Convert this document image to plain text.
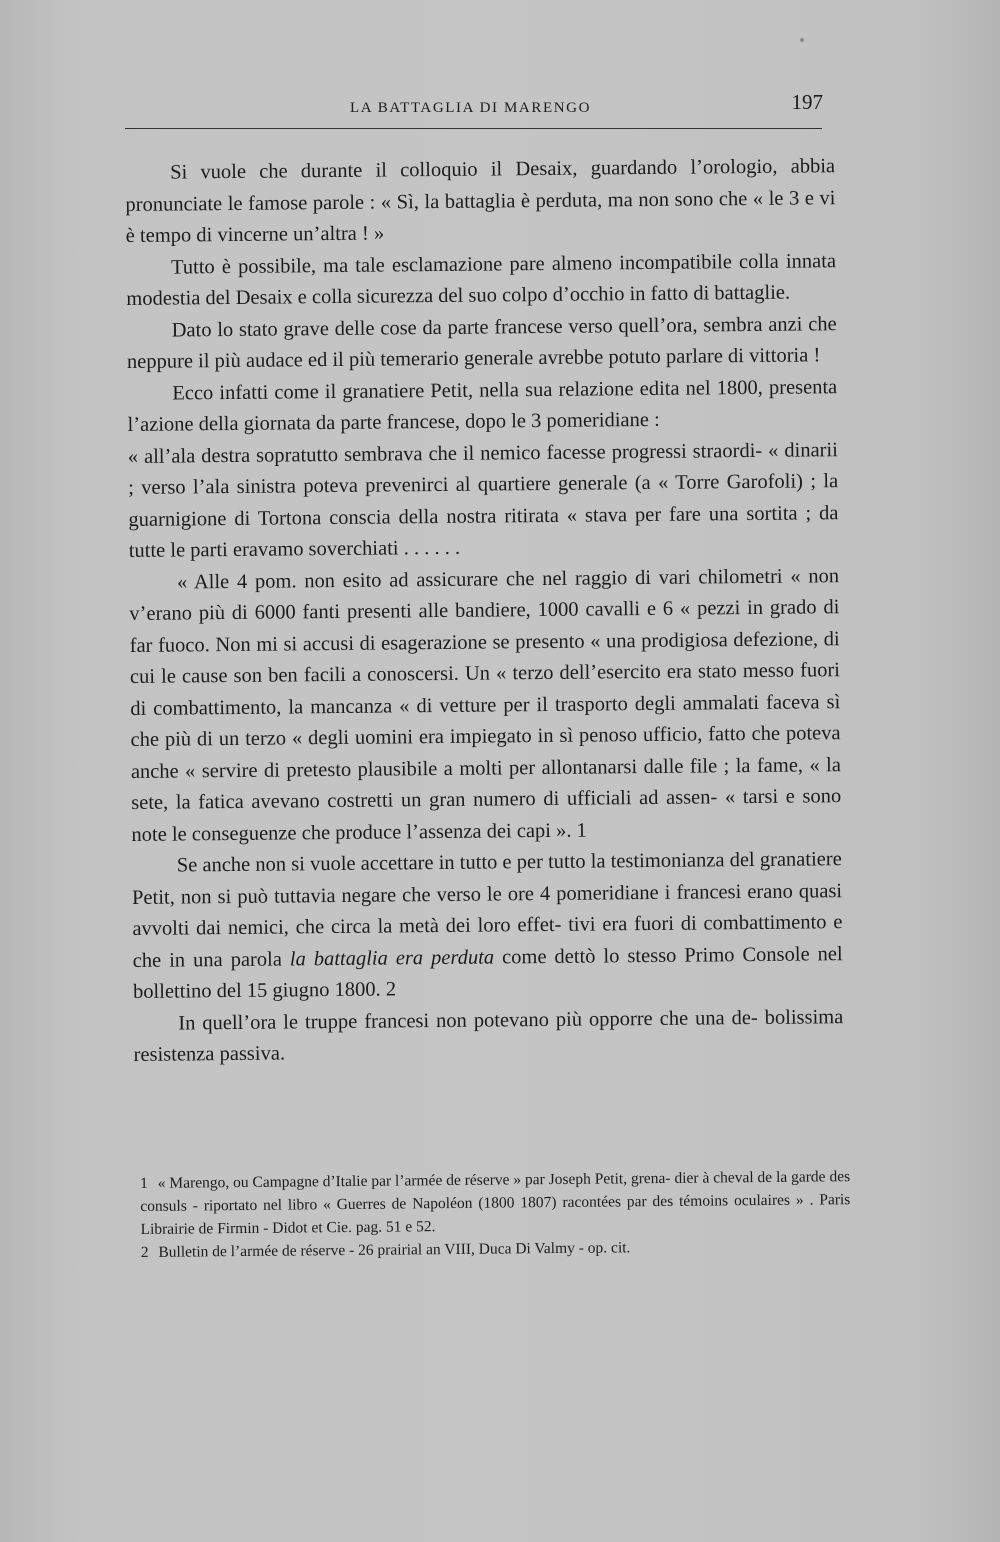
LA BATTAGLIA DI MARENGO	197

Si vuole che durante il colloquio il Desaix, guardando l’orologio, abbia pronunciate le famose parole : « Sì, la battaglia è perduta, ma non sono che « le 3 e vi è tempo di vincerne un’altra ! »

Tutto è possibile, ma tale esclamazione pare almeno incompatibile colla innata modestia del Desaix e colla sicurezza del suo colpo d’occhio in fatto di battaglie.

Dato lo stato grave delle cose da parte francese verso quell’ora, sembra anzi che neppure il più audace ed il più temerario generale avrebbe potuto parlare di vittoria !

Ecco infatti come il granatiere Petit, nella sua relazione edita nel 1800, presenta l’azione della giornata da parte francese, dopo le 3 pomeridiane :

« all’ala destra sopratutto sembrava che il nemico facesse progressi straordi- « dinarii ; verso l’ala sinistra poteva prevenirci al quartiere generale (a « Torre Garofoli) ; la guarnigione di Tortona conscia della nostra ritirata « stava per fare una sortita ; da tutte le parti eravamo soverchiati . . . . . .

« Alle 4 pom. non esito ad assicurare che nel raggio di vari chilometri « non v’erano più di 6000 fanti presenti alle bandiere, 1000 cavalli e 6 « pezzi in grado di far fuoco. Non mi si accusi di esagerazione se presento « una prodigiosa defezione, di cui le cause son ben facili a conoscersi. Un « terzo dell’esercito era stato messo fuori di combattimento, la mancanza « di vetture per il trasporto degli ammalati faceva sì che più di un terzo « degli uomini era impiegato in sì penoso ufficio, fatto che poteva anche « servire di pretesto plausibile a molti per allontanarsi dalle file ; la fame, « la sete, la fatica avevano costretti un gran numero di ufficiali ad assen- « tarsi e sono note le conseguenze che produce l’assenza dei capi ». 1

Se anche non si vuole accettare in tutto e per tutto la testimonianza del granatiere Petit, non si può tuttavia negare che verso le ore 4 pomeridiane i francesi erano quasi avvolti dai nemici, che circa la metà dei loro effet- tivi era fuori di combattimento e che in una parola la battaglia era perduta come dettò lo stesso Primo Console nel bollettino del 15 giugno 1800. 2

In quell’ora le truppe francesi non potevano più opporre che una de- bolissima resistenza passiva.

1 « Marengo, ou Campagne d’Italie par l’armée de réserve » par Joseph Petit, grena- dier à cheval de la garde des consuls - riportato nel libro « Guerres de Napoléon (1800 1807) racontées par des témoins oculaires » . Paris Librairie de Firmin - Didot et Cie. pag. 51 e 52.

2 Bulletin de l’armée de réserve - 26 prairial an VIII, Duca Di Valmy - op. cit.
